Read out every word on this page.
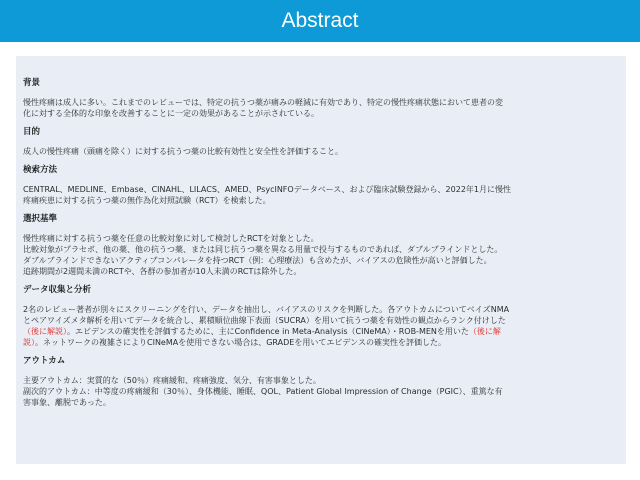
Abstract
背景
慢性疼痛は成人に多い。これまでのレビューでは、特定の抗うつ薬が痛みの軽減に有効であり、特定の慢性疼痛状態において患者の変
化に対する全体的な印象を改善することに一定の効果があることが示されている。
目的
成人の慢性疼痛（頭痛を除く）に対する抗うつ薬の比較有効性と安全性を評価すること。
検索方法
CENTRAL、MEDLINE、Embase、CINAHL、LILACS、AMED、PsycINFOデータベース、および臨床試験登録から、2022年1月に慢性
疼痛疾患に対する抗うつ薬の無作為化対照試験（RCT）を検索した。
選択基準
慢性疼痛に対する抗うつ薬を任意の比較対象に対して検討したRCTを対象とした。
比較対象がプラセボ、他の薬、他の抗うつ薬、または同じ抗うつ薬を異なる用量で投与するものであれば、ダブルブラインドとした。
ダブルブラインドできないアクティブコンパレータを持つRCT（例：心理療法）も含めたが、バイアスの危険性が高いと評価した。
追跡期間が2週間未満のRCTや、各群の参加者が10人未満のRCTは除外した。
データ収集と分析
2名のレビュー著者が別々にスクリーニングを行い、データを抽出し、バイアスのリスクを判断した。各アウトカムについてベイズNMA
とペアワイズメタ解析を用いてデータを統合し、累積順位曲線下表面（SUCRA）を用いて抗うつ薬を有効性の観点からランク付けした
（後に解説）。エビデンスの確実性を評価するために、主にConfidence in Meta-Analysis（CINeMA）・ROB-MENを用いた（後に解
説）。ネットワークの複雑さによりCINeMAを使用できない場合は、GRADEを用いてエビデンスの確実性を評価した。
アウトカム
主要アウトカム：実質的な（50％）疼痛緩和、疼痛強度、気分、有害事象とした。
副次的アウトカム：中等度の疼痛緩和（30％）、身体機能、睡眠、QOL、Patient Global Impression of Change（PGIC）、重篤な有
害事象、離脱であった。
